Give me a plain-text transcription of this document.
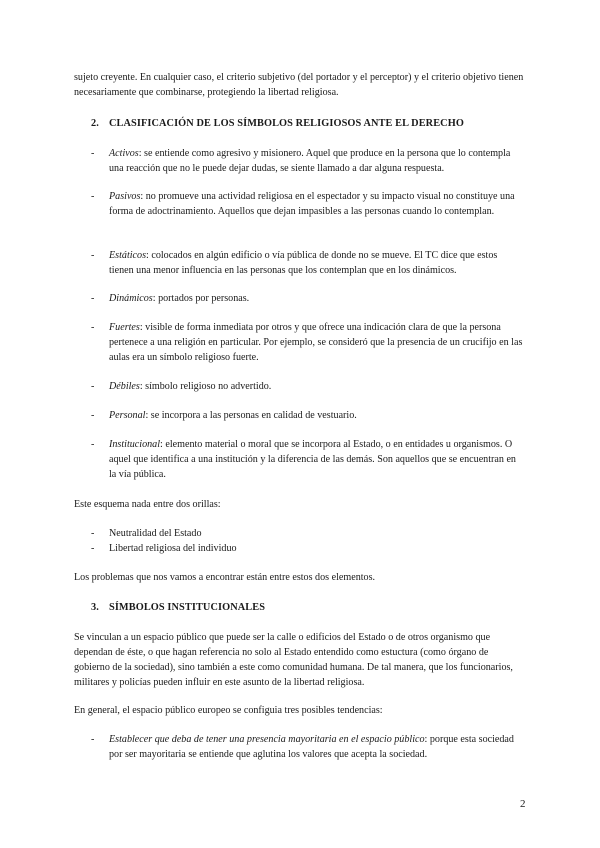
sujeto creyente. En cualquier caso, el criterio subjetivo (del portador y el perceptor) y el criterio objetivo tienen necesariamente que combinarse, protegiendo la libertad religiosa.

2. CLASIFICACIÓN DE LOS SÍMBOLOS RELIGIOSOS ANTE EL DERECHO

- Activos: se entiende como agresivo y misionero. Aquel que produce en la persona que lo contempla una reacción que no le puede dejar dudas, se siente llamado a dar alguna respuesta.

- Pasivos: no promueve una actividad religiosa en el espectador y su impacto visual no constituye una forma de adoctrinamiento. Aquellos que dejan impasibles a las personas cuando lo contemplan.

- Estáticos: colocados en algún edificio o vía pública de donde no se mueve. El TC dice que estos tienen una menor influencia en las personas que los contemplan que en los dinámicos.

- Dinámicos: portados por personas.

- Fuertes: visible de forma inmediata por otros y que ofrece una indicación clara de que la persona pertenece a una religión en particular. Por ejemplo, se consideró que la presencia de un crucifijo en las aulas era un símbolo religioso fuerte.

- Débiles: símbolo religioso no advertido.

- Personal: se incorpora a las personas en calidad de vestuario.

- Institucional: elemento material o moral que se incorpora al Estado, o en entidades u organismos. O aquel que identifica a una institución y la diferencia de las demás. Son aquellos que se encuentran en la vía pública.

Este esquema nada entre dos orillas:

- Neutralidad del Estado

- Libertad religiosa del individuo

Los problemas que nos vamos a encontrar están entre estos dos elementos.

3. SÍMBOLOS INSTITUCIONALES

Se vinculan a un espacio público que puede ser la calle o edificios del Estado o de otros organismo que dependan de éste, o que hagan referencia no solo al Estado entendido como estuctura (como órgano de gobierno de la sociedad), sino también a este como comunidad humana. De tal manera, que los funcionarios, militares y policías pueden influir en este asunto de la libertad religiosa.

En general, el espacio público europeo se configuia tres posibles tendencias:

- Establecer que deba de tener una presencia mayoritaria en el espacio público: porque esta sociedad por ser mayoritaria se entiende que aglutina los valores que acepta la sociedad.

2
